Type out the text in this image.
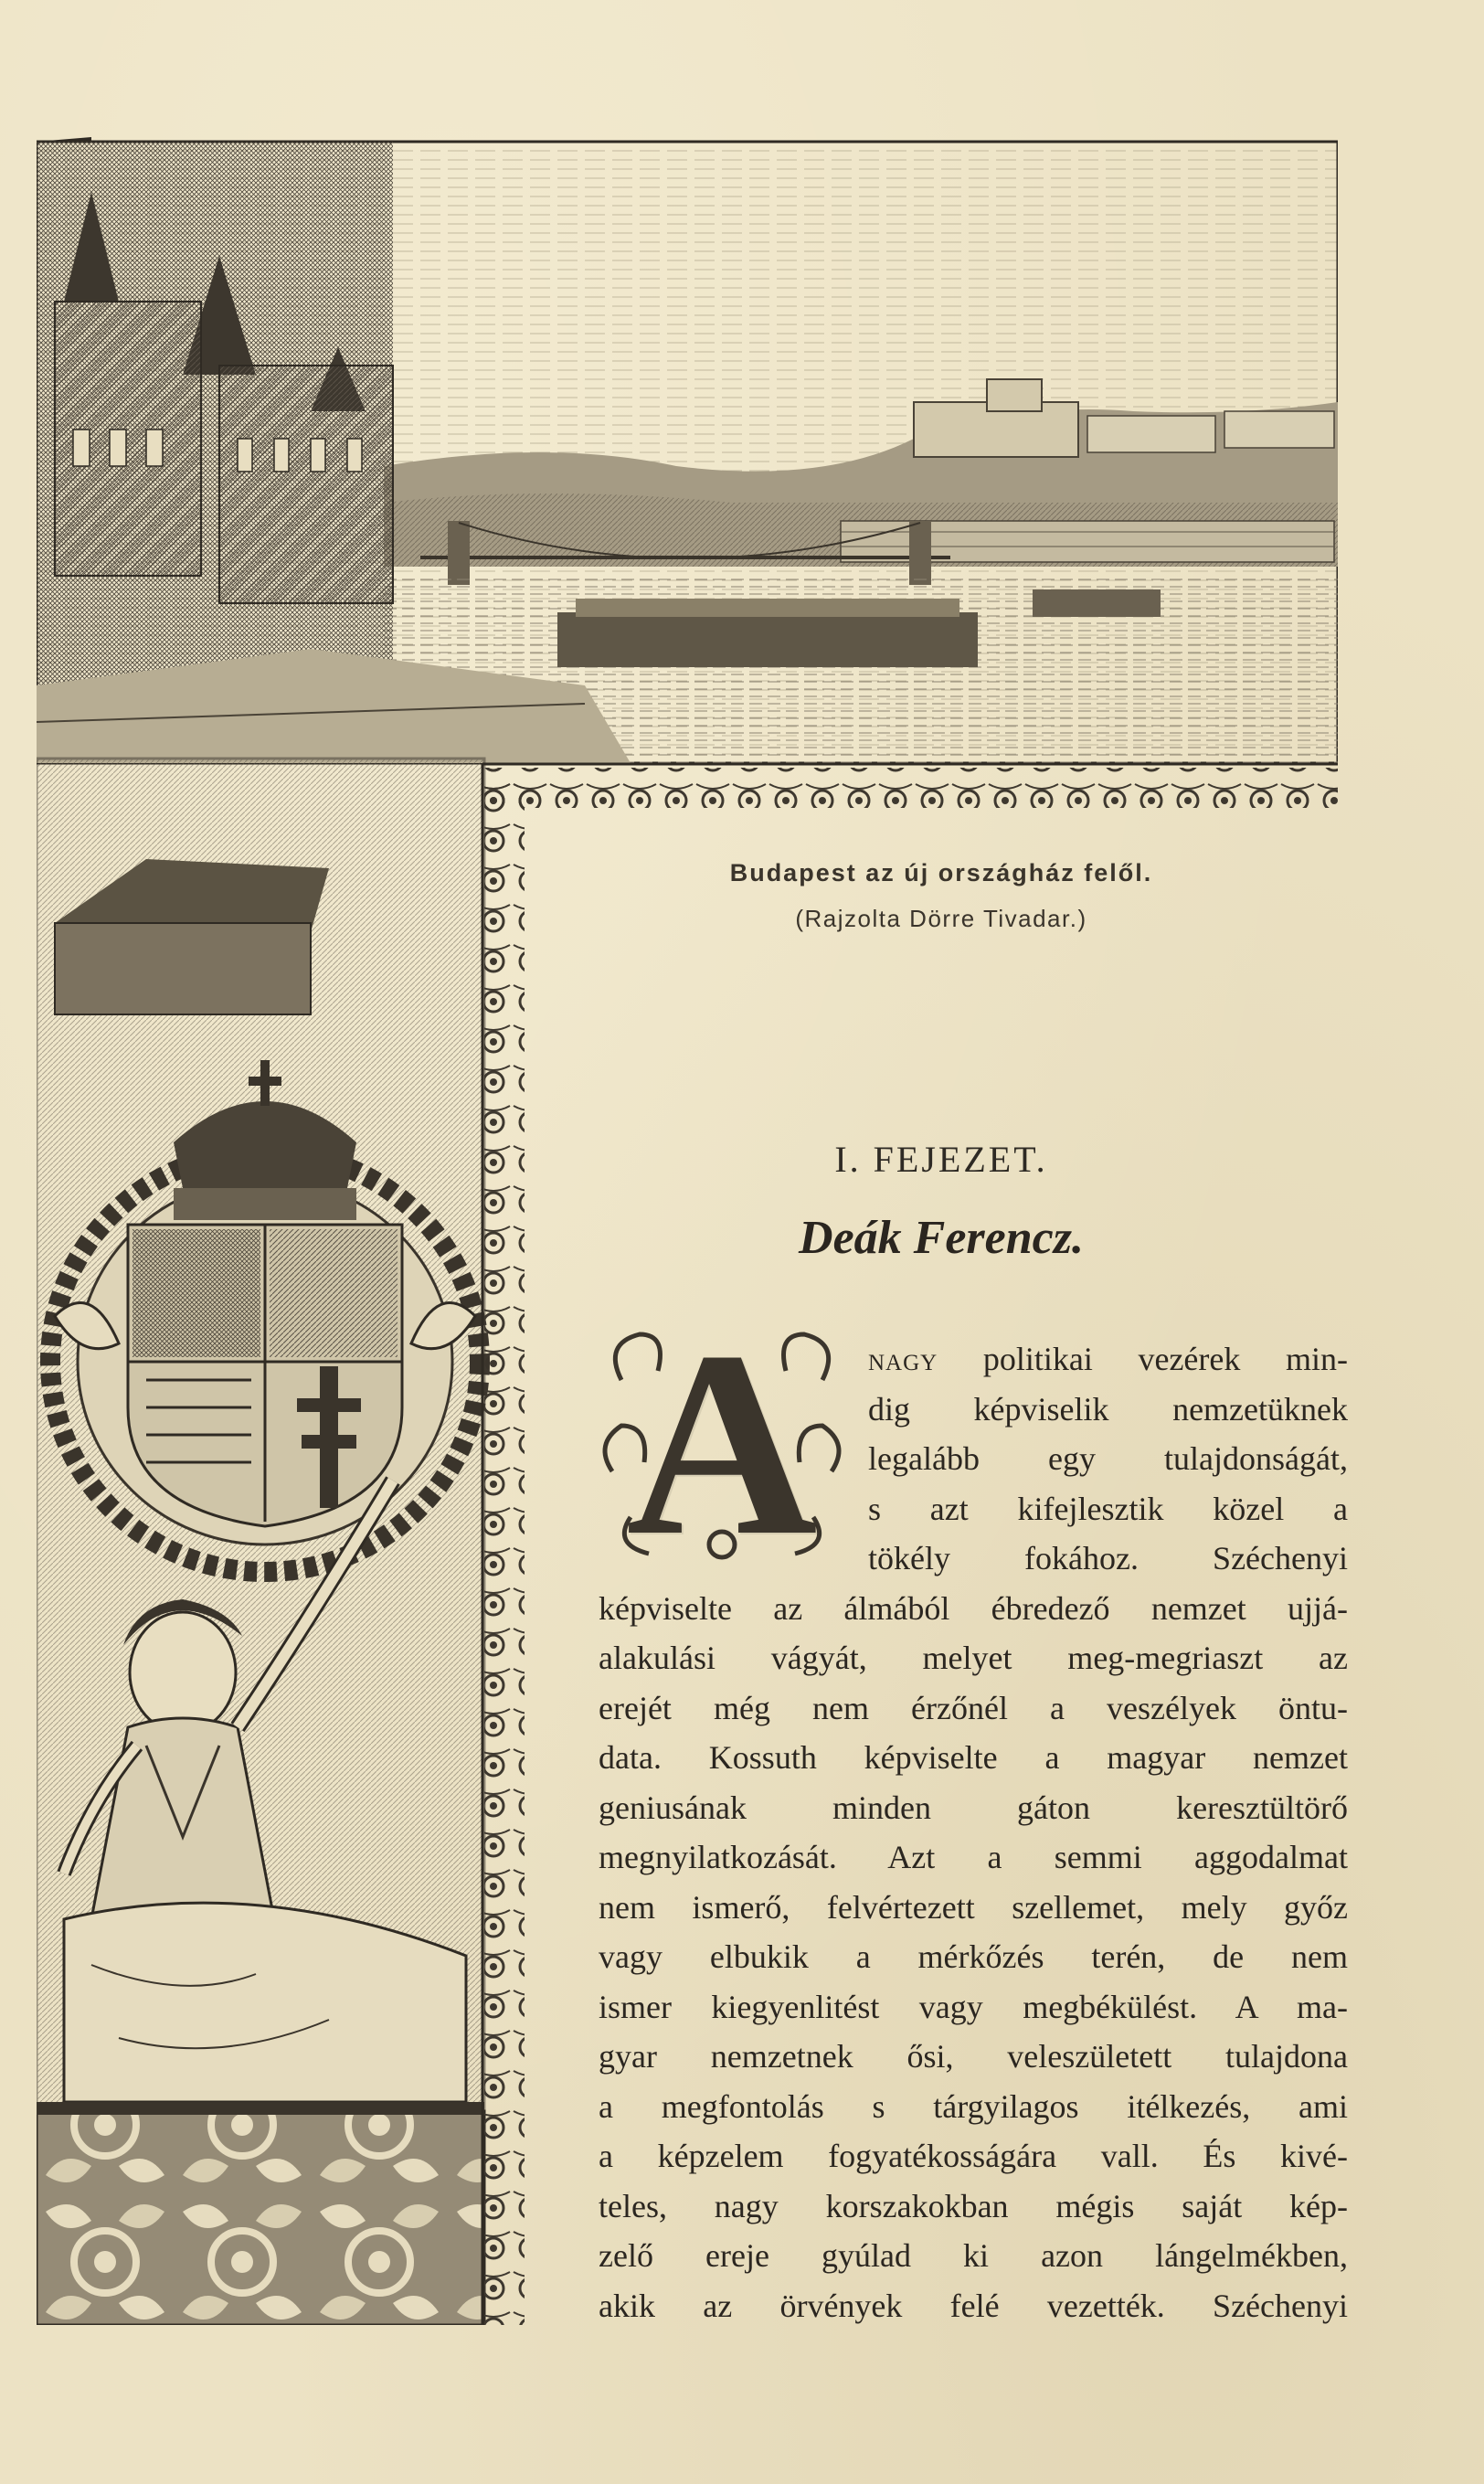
Budapest az új országház felől.
(Rajzolta Dörre Tivadar.)
I. FEJEZET.
Deák Ferencz.
A	nagy politikai vezérek min-
dig képviselik nemzetüknek
legalább egy tulajdonságát,
s azt kifejlesztik közel a
tökély fokához. Széchenyi
képviselte az álmából ébredező nemzet ujjá-
alakulási vágyát, melyet meg-megriaszt az
erejét még nem érzőnél a veszélyek öntu-
data. Kossuth képviselte a magyar nemzet
geniusának minden gáton keresztültörő
megnyilatkozását. Azt a semmi aggodalmat
nem ismerő, felvértezett szellemet, mely győz
vagy elbukik a mérkőzés terén, de nem
ismer kiegyenlitést vagy megbékülést. A ma-
gyar nemzetnek ősi, veleszületett tulajdona
a megfontolás s tárgyilagos itélkezés, ami
a képzelem fogyatékosságára vall. És kivé-
teles, nagy korszakokban mégis saját kép-
zelő ereje gyúlad ki azon lángelmékben,
akik az örvények felé vezették. Széchenyi
